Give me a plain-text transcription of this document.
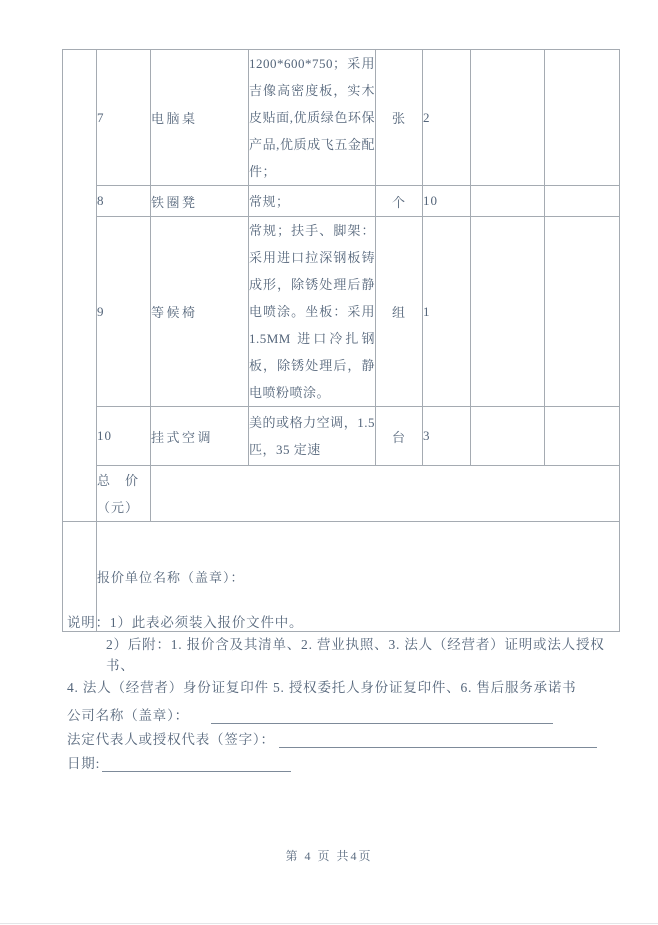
	7	电脑桌	1200*600*750；采用吉像高密度板，实木皮贴面,优质绿色环保产品,优质成飞五金配件；	张	2		
	8	铁圈凳	常规；	个	10		
	9	等候椅	常规；扶手、脚架：采用进口拉深钢板铸成形，除锈处理后静电喷涂。坐板：采用 1.5MM 进口冷扎钢板，除锈处理后，静电喷粉喷涂。	组	1		
	10	挂式空调	美的或格力空调，1.5匹，35 定速	台	3		

	总　价
（元）						

	报价单位名称（盖章）：						
说明：1）此表必须装入报价文件中。
2）后附：1. 报价含及其清单、2. 营业执照、3. 法人（经营者）证明或法人授权书、
4. 法人（经营者）身份证复印件 5. 授权委托人身份证复印件、6. 售后服务承诺书
公司名称（盖章）：
法定代表人或授权代表（签字）：
日期:
第 4 页 共4页
